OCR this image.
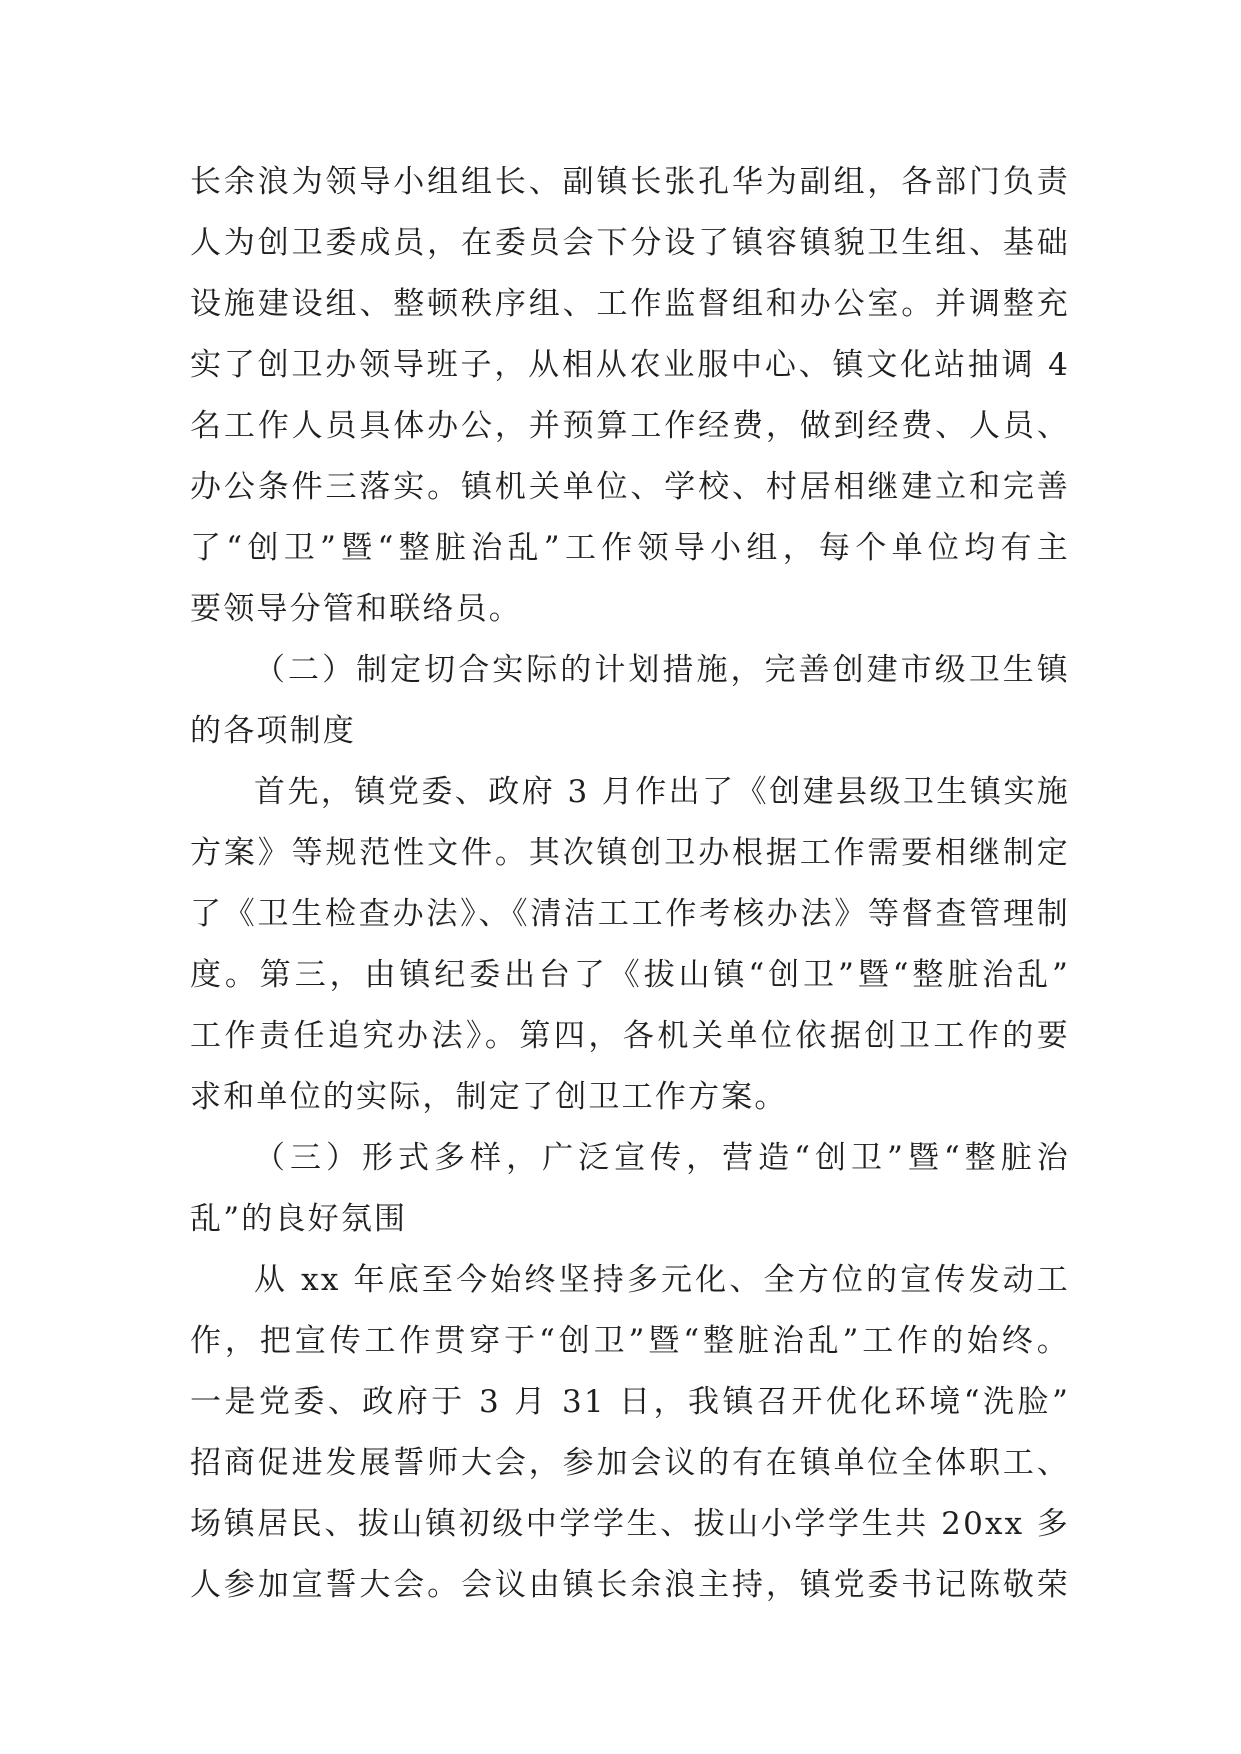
长余浪为领导小组组长、副镇长张孔华为副组，各部门负责
人为创卫委成员，在委员会下分设了镇容镇貌卫生组、基础
设施建设组、整顿秩序组、工作监督组和办公室。并调整充
实了创卫办领导班子，从相从农业服中心、镇文化站抽调 4
名工作人员具体办公，并预算工作经费，做到经费、人员、
办公条件三落实。镇机关单位、学校、村居相继建立和完善
了“创卫”暨“整脏治乱”工作领导小组，每个单位均有主
要领导分管和联络员。
（二）制定切合实际的计划措施，完善创建市级卫生镇
的各项制度
首先，镇党委、政府 3 月作出了《创建县级卫生镇实施
方案》等规范性文件。其次镇创卫办根据工作需要相继制定
了《卫生检查办法》、《清洁工工作考核办法》等督查管理制
度。第三，由镇纪委出台了《拔山镇“创卫”暨“整脏治乱”
工作责任追究办法》。第四，各机关单位依据创卫工作的要
求和单位的实际，制定了创卫工作方案。
（三）形式多样，广泛宣传，营造“创卫”暨“整脏治
乱”的良好氛围
从 xx 年底至今始终坚持多元化、全方位的宣传发动工
作，把宣传工作贯穿于“创卫”暨“整脏治乱”工作的始终。
一是党委、政府于 3 月 31 日，我镇召开优化环境“洗脸”
招商促进发展誓师大会，参加会议的有在镇单位全体职工、
场镇居民、拔山镇初级中学学生、拔山小学学生共 20xx 多
人参加宣誓大会。会议由镇长余浪主持，镇党委书记陈敬荣
